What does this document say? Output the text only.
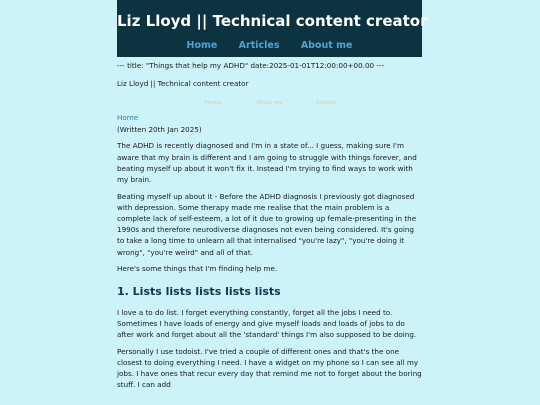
Liz Lloyd || Technical content creator
Home Articles About me
--- title: "Things that help my ADHD" date:2025-01-01T12:00:00+00.00 ---
Liz Lloyd || Technical content creator
Home	About me	Articles
Home

(Written 20th Jan 2025)

The ADHD is recently diagnosed and I'm in a state of... I guess, making sure I'm aware that my brain is different and I am going to struggle with things forever, and beating myself up about it won't fix it. Instead I'm trying to find ways to work with my brain.

Beating myself up about it - Before the ADHD diagnosis I previously got diagnosed with depression. Some therapy made me realise that the main problem is a complete lack of self-esteem, a lot of it due to growing up female-presenting in the 1990s and therefore neurodiverse diagnoses not even being considered. It's going to take a long time to unlearn all that internalised "you're lazy", "you're doing it wrong", "you're weird" and all of that.

Here's some things that I'm finding help me.

1. Lists lists lists lists lists

I love a to do list. I forget everything constantly, forget all the jobs I need to. Sometimes I have loads of energy and give myself loads and loads of jobs to do after work and forget about all the 'standard' things I'm also supposed to be doing.

Personally I use todoist. I've tried a couple of different ones and that's the one closest to doing everything I need. I have a widget on my phone so I can see all my jobs. I have ones that recur every day that remind me not to forget about the boring stuff. I can add
